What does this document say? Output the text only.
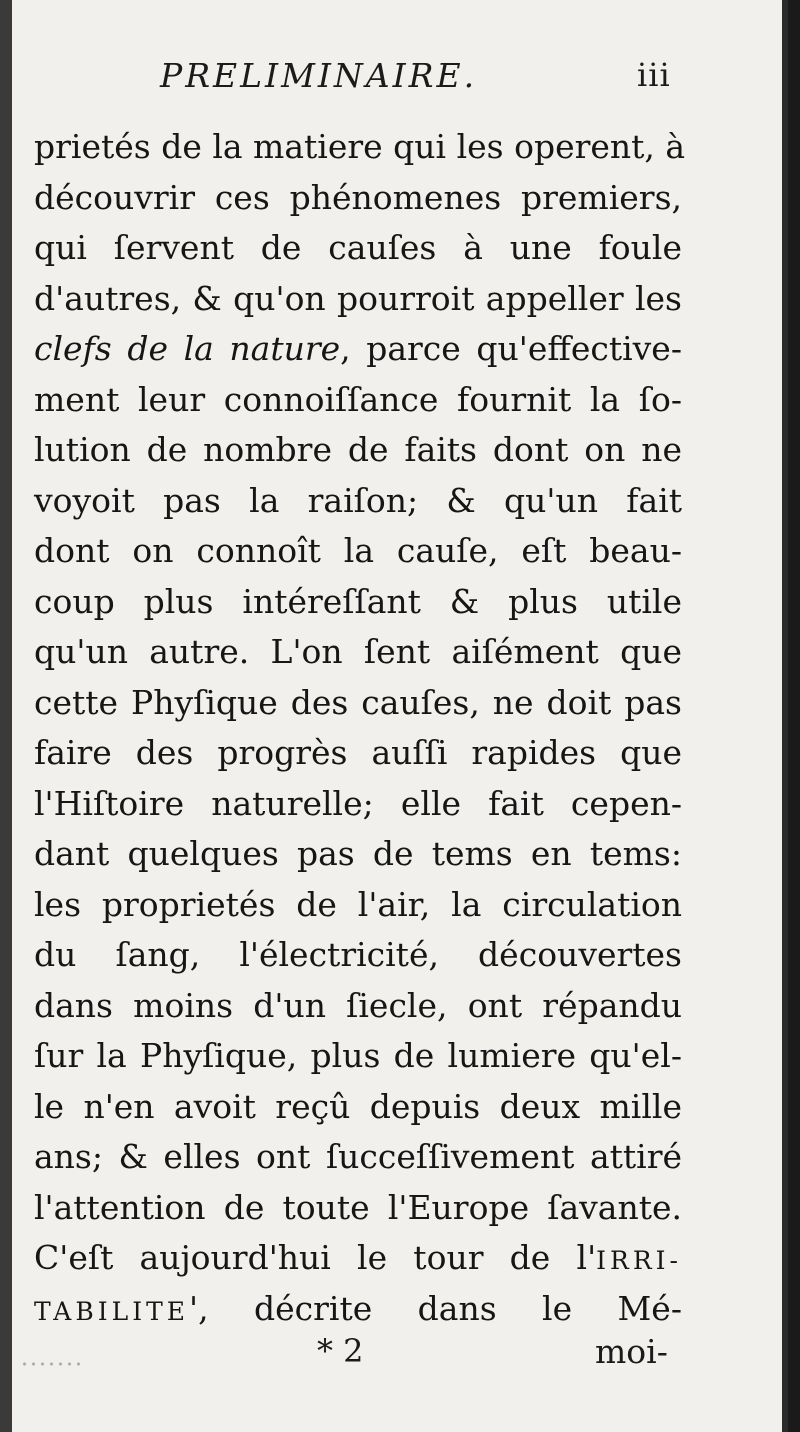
PRELIMINAIRE.	iii
prietés de la matiere qui les operent, à
découvrir ces phénomenes premiers,
qui ſervent de cauſes à une foule
d'autres, & qu'on pourroit appeller les
clefs de la nature, parce qu'effective-
ment leur connoiſſance fournit la ſo-
lution de nombre de faits dont on ne
voyoit pas la raiſon; & qu'un fait
dont on connoît la cauſe, eſt beau-
coup plus intéreſſant & plus utile
qu'un autre. L'on ſent aiſément que
cette Phyſique des cauſes, ne doit pas
faire des progrès auſſi rapides que
l'Hiſtoire naturelle; elle fait cepen-
dant quelques pas de tems en tems:
les proprietés de l'air, la circulation
du ſang, l'électricité, découvertes
dans moins d'un ſiecle, ont répandu
ſur la Phyſique, plus de lumiere qu'el-
le n'en avoit reçû depuis deux mille
ans; & elles ont ſucceſſivement attiré
l'attention de toute l'Europe ſavante.
C'eſt aujourd'hui le tour de l'IRRI-
TABILITE', décrite dans le Mé-
* 2	moi-
